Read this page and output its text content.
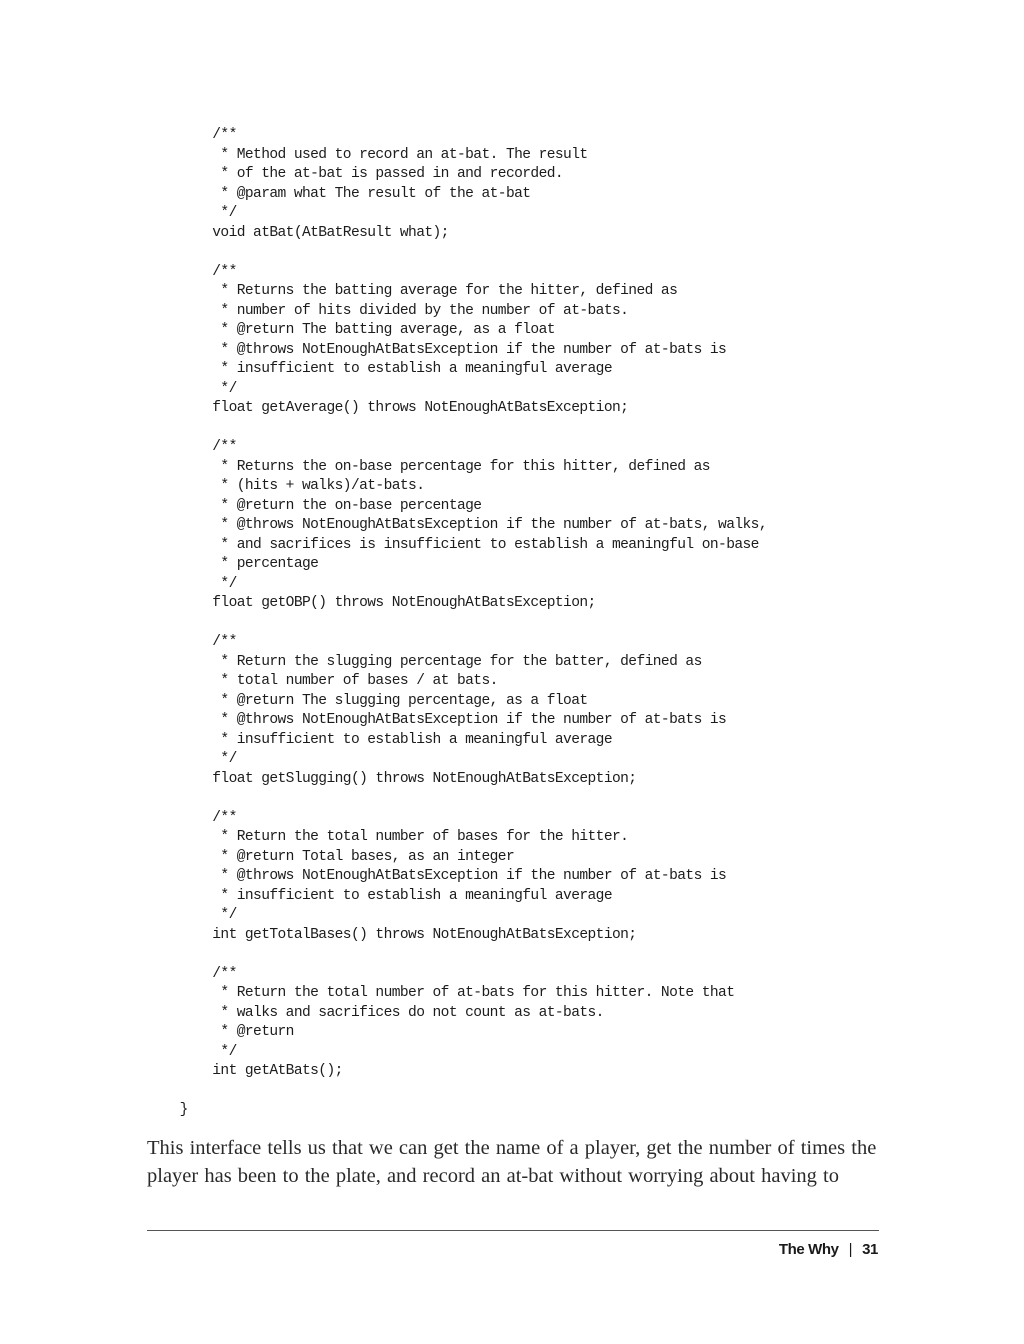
/**
* Method used to record an at-bat. The result
* of the at-bat is passed in and recorded.
* @param what The result of the at-bat
*/
void atBat(AtBatResult what);
/**
* Returns the batting average for the hitter, defined as
* number of hits divided by the number of at-bats.
* @return The batting average, as a float
* @throws NotEnoughAtBatsException if the number of at-bats is
* insufficient to establish a meaningful average
*/
float getAverage() throws NotEnoughAtBatsException;
/**
* Returns the on-base percentage for this hitter, defined as
* (hits + walks)/at-bats.
* @return the on-base percentage
* @throws NotEnoughAtBatsException if the number of at-bats, walks,
* and sacrifices is insufficient to establish a meaningful on-base
* percentage
*/
float getOBP() throws NotEnoughAtBatsException;
/**
* Return the slugging percentage for the batter, defined as
* total number of bases / at bats.
* @return The slugging percentage, as a float
* @throws NotEnoughAtBatsException if the number of at-bats is
* insufficient to establish a meaningful average
*/
float getSlugging() throws NotEnoughAtBatsException;
/**
* Return the total number of bases for the hitter.
* @return Total bases, as an integer
* @throws NotEnoughAtBatsException if the number of at-bats is
* insufficient to establish a meaningful average
*/
int getTotalBases() throws NotEnoughAtBatsException;
/**
* Return the total number of at-bats for this hitter. Note that
* walks and sacrifices do not count as at-bats.
* @return
*/
int getAtBats();
}
This interface tells us that we can get the name of a player, get the number of times the
player has been to the plate, and record an at-bat without worrying about having to
The Why | 31
